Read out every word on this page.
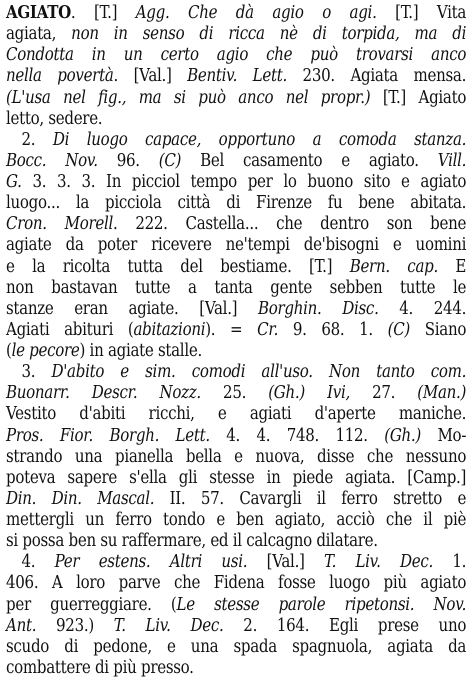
AGIATO. [T.] Agg. Che dà agio o agi. [T.] Vita
agiata, non in senso di ricca nè di torpida, ma di
Condotta in un certo agio che può trovarsi anco
nella povertà. [Val.] Bentiv. Lett. 230. Agiata mensa.
(L'usa nel fig., ma si può anco nel propr.) [T.] Agiato
letto, sedere.
2. Di luogo capace, opportuno a comoda stanza.
Bocc. Nov. 96. (C) Bel casamento e agiato. Vill.
G. 3. 3. 3. In picciol tempo per lo buono sito e agiato
luogo... la picciola città di Firenze fu bene abitata.
Cron. Morell. 222. Castella... che dentro son bene
agiate da poter ricevere ne'tempi de'bisogni e uomini
e la ricolta tutta del bestiame. [T.] Bern. cap. E
non bastavan tutte a tanta gente sebben tutte le
stanze eran agiate. [Val.] Borghin. Disc. 4. 244.
Agiati abituri (abitazioni). = Cr. 9. 68. 1. (C) Siano
(le pecore) in agiate stalle.
3. D'abito e sim. comodi all'uso. Non tanto com.
Buonarr. Descr. Nozz. 25. (Gh.) Ivi, 27. (Man.)
Vestito d'abiti ricchi, e agiati d'aperte maniche.
Pros. Fior. Borgh. Lett. 4. 4. 748. 112. (Gh.) Mo-
strando una pianella bella e nuova, disse che nessuno
poteva sapere s'ella gli stesse in piede agiata. [Camp.]
Din. Din. Mascal. II. 57. Cavargli il ferro stretto e
mettergli un ferro tondo e ben agiato, acciò che il piè
si possa ben su raffermare, ed il calcagno dilatare.
4. Per estens. Altri usi. [Val.] T. Liv. Dec. 1.
406. A loro parve che Fidena fosse luogo più agiato
per guerreggiare. (Le stesse parole ripetonsi. Nov.
Ant. 923.) T. Liv. Dec. 2. 164. Egli prese uno
scudo di pedone, e una spada spagnuola, agiata da
combattere di più presso.
